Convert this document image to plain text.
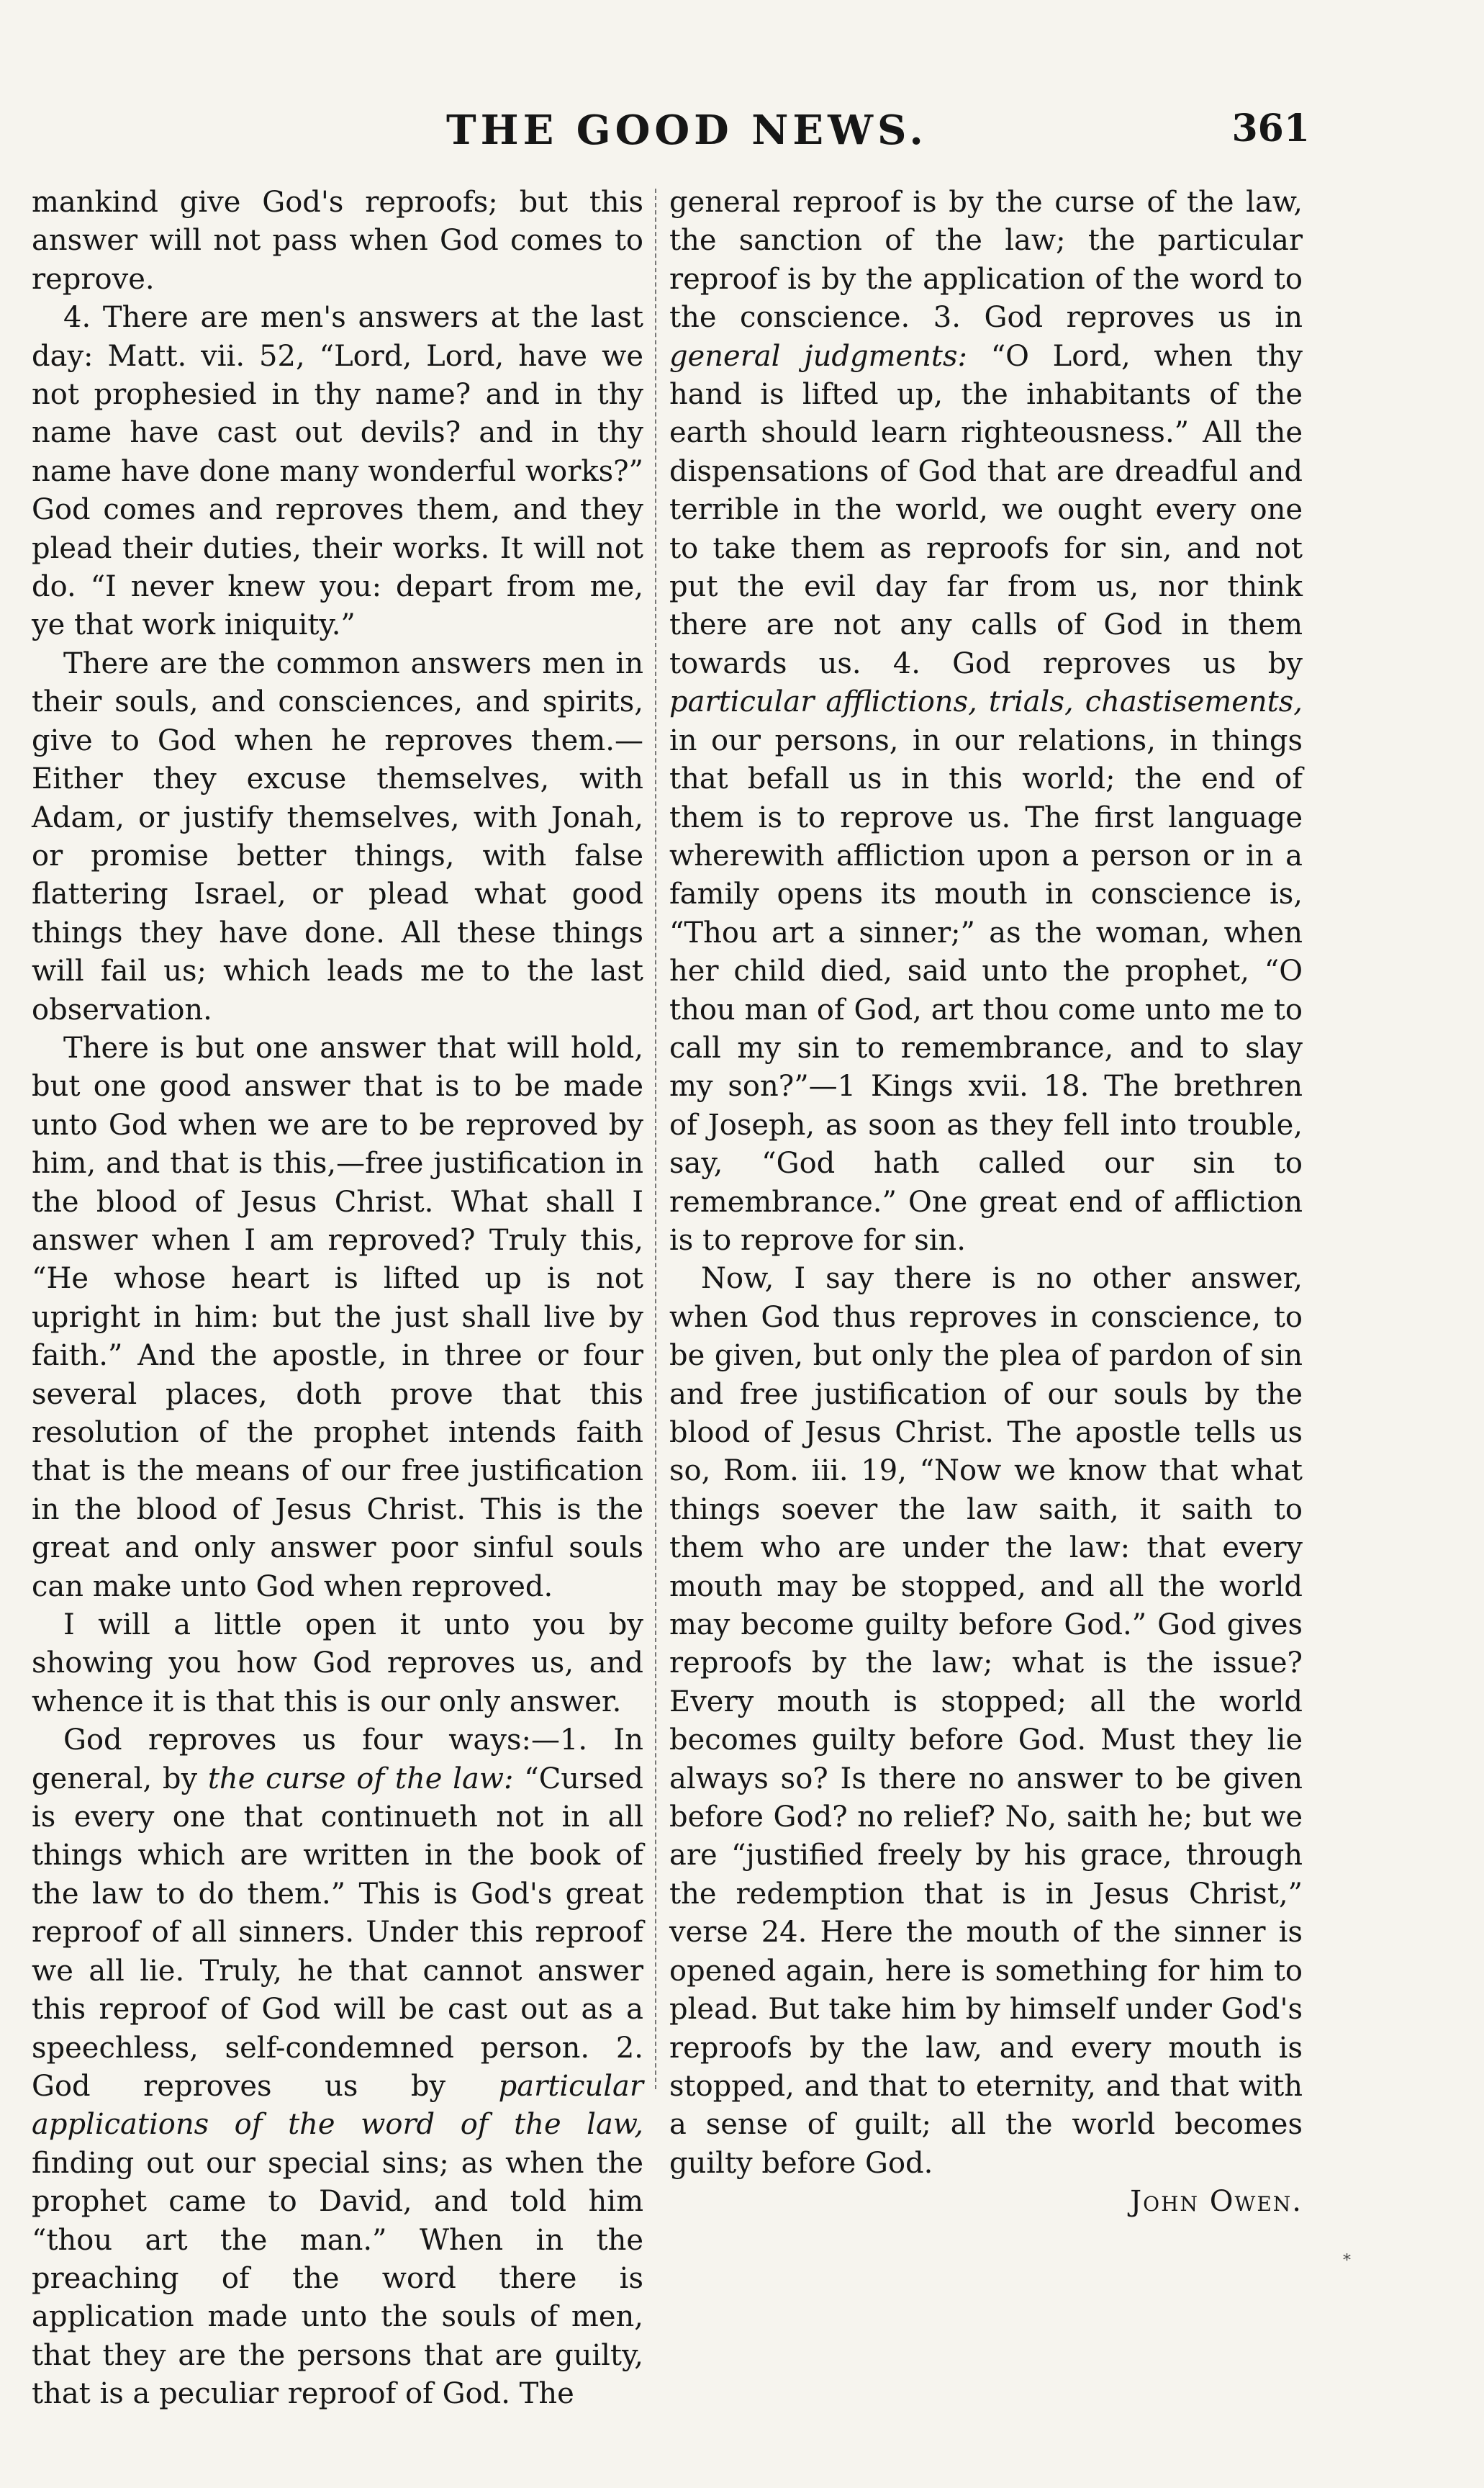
THE GOOD NEWS.	361

mankind give God's reproofs; but this answer will not pass when God comes to reprove.

4. There are men's answers at the last day: Matt. vii. 52, “Lord, Lord, have we not prophesied in thy name? and in thy name have cast out devils? and in thy name have done many wonderful works?” God comes and reproves them, and they plead their duties, their works. It will not do. “I never knew you: depart from me, ye that work iniquity.”

There are the common answers men in their souls, and consciences, and spirits, give to God when he reproves them.—Either they excuse themselves, with Adam, or justify themselves, with Jonah, or promise better things, with false flattering Israel, or plead what good things they have done. All these things will fail us; which leads me to the last observation.

There is but one answer that will hold, but one good answer that is to be made unto God when we are to be reproved by him, and that is this,—free justification in the blood of Jesus Christ. What shall I answer when I am reproved? Truly this, “He whose heart is lifted up is not upright in him: but the just shall live by faith.” And the apostle, in three or four several places, doth prove that this resolution of the prophet intends faith that is the means of our free justification in the blood of Jesus Christ. This is the great and only answer poor sinful souls can make unto God when reproved.

I will a little open it unto you by showing you how God reproves us, and whence it is that this is our only answer.

God reproves us four ways:—1. In general, by the curse of the law: “Cursed is every one that continueth not in all things which are written in the book of the law to do them.” This is God's great reproof of all sinners. Under this reproof we all lie. Truly, he that cannot answer this reproof of God will be cast out as a speechless, self-condemned person. 2. God reproves us by particular applications of the word of the law, finding out our special sins; as when the prophet came to David, and told him “thou art the man.” When in the preaching of the word there is application made unto the souls of men, that they are the persons that are guilty, that is a peculiar reproof of God. The

general reproof is by the curse of the law, the sanction of the law; the particular reproof is by the application of the word to the conscience. 3. God reproves us in general judgments: “O Lord, when thy hand is lifted up, the inhabitants of the earth should learn righteousness.” All the dispensations of God that are dreadful and terrible in the world, we ought every one to take them as reproofs for sin, and not put the evil day far from us, nor think there are not any calls of God in them towards us. 4. God reproves us by particular afflictions, trials, chastisements, in our persons, in our relations, in things that befall us in this world; the end of them is to reprove us. The first language wherewith affliction upon a person or in a family opens its mouth in conscience is, “Thou art a sinner;” as the woman, when her child died, said unto the prophet, “O thou man of God, art thou come unto me to call my sin to remembrance, and to slay my son?”—1 Kings xvii. 18. The brethren of Joseph, as soon as they fell into trouble, say, “God hath called our sin to remembrance.” One great end of affliction is to reprove for sin.

Now, I say there is no other answer, when God thus reproves in conscience, to be given, but only the plea of pardon of sin and free justification of our souls by the blood of Jesus Christ. The apostle tells us so, Rom. iii. 19, “Now we know that what things soever the law saith, it saith to them who are under the law: that every mouth may be stopped, and all the world may become guilty before God.” God gives reproofs by the law; what is the issue? Every mouth is stopped; all the world becomes guilty before God. Must they lie always so? Is there no answer to be given before God? no relief? No, saith he; but we are “justified freely by his grace, through the redemption that is in Jesus Christ,” verse 24. Here the mouth of the sinner is opened again, here is something for him to plead. But take him by himself under God's reproofs by the law, and every mouth is stopped, and that to eternity, and that with a sense of guilt; all the world becomes guilty before God.

John Owen.

*
